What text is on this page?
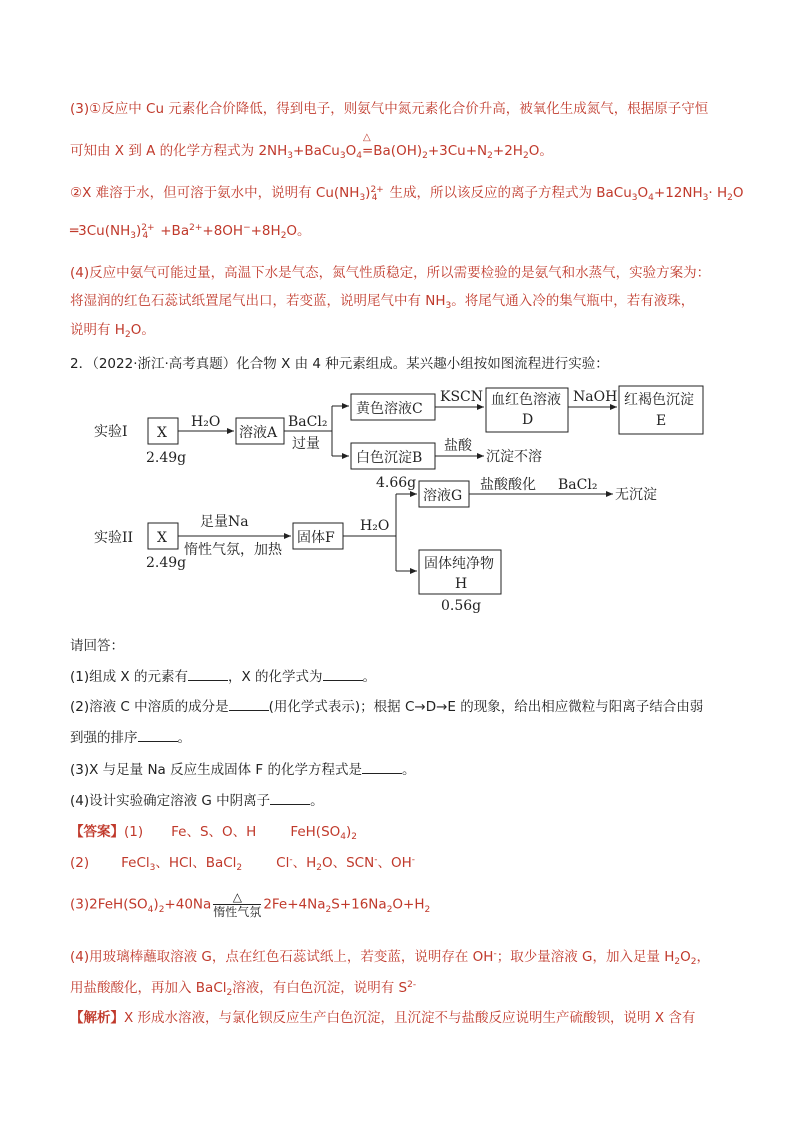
(3)①反应中 Cu 元素化合价降低，得到电子，则氨气中氮元素化合价升高，被氧化生成氮气，根据原子守恒
可知由 X 到 A 的化学方程式为 $2NH_3+BaCu_3O_4$
△
$=Ba(OH)_2+3Cu+N_2+2H_2O$。
②X 难溶于水，但可溶于氨水中，说明有 $Cu(NH_3)2+4$ 生成，所以该反应的离子方程式为 $BaCu_3O_4+12NH_3\cdot H_2O$
$═3Cu(NH_3)2+4 +Ba^{2+}+8OH^-+8H_2O$。
(4)反应中氨气可能过量，高温下水是气态，氮气性质稳定，所以需要检验的是氨气和水蒸气，实验方案为：
将湿润的红色石蕊试纸置尾气出口，若变蓝，说明尾气中有 $NH_3$。将尾气通入冷的集气瓶中，若有液珠，
说明有 $H_2O$。
2．（2022·浙江·高考真题）化合物 X 由 4 种元素组成。某兴趣小组按如图流程进行实验：
实验I X
2.49g
H₂O
溶液A
BaCl₂
过量
黄色溶液C
KSCN 血红色溶液
D
NaOH 红褐色沉淀
E
白色沉淀B
4.66g
盐酸
沉淀不溶
实验II X
2.49g
足量Na
惰性气氛，加热
固体F
H₂O
溶液G
盐酸酸化 BaCl₂
无沉淀
固体纯净物
H
0.56g
请回答：
(1)组成 X 的元素有	，X 的化学式为	。
(2)溶液 C 中溶质的成分是	(用化学式表示)；根据 C→D→E 的现象，给出相应微粒与阳离子结合由弱
到强的排序	。
(3)X 与足量 Na 反应生成固体 F 的化学方程式是	。
(4)设计实验确定溶液 G 中阴离子	。
【答案】(1) Fe、S、O、H	$FeH(SO_4)_2$
(2) FeCl$_3$、HCl、BaCl$_2$	Cl-、$H_2O$、SCN-、OH-
$(3)2FeH(SO_4)_2+40Na \frac{\triangle}{\text{惰性气氛}} 2Fe+4Na_2S+16Na_2O+H_2$
(4)用玻璃棒蘸取溶液 G，点在红色石蕊试纸上，若变蓝，说明存在 OH-；取少量溶液 G，加入足量 $H_2O_2$，
用盐酸酸化，再加入 BaCl$_2$溶液，有白色沉淀，说明有 $S^{2-}$
【解析】X 形成水溶液，与氯化钡反应生产白色沉淀，且沉淀不与盐酸反应说明生产硫酸钡，说明 X 含有
